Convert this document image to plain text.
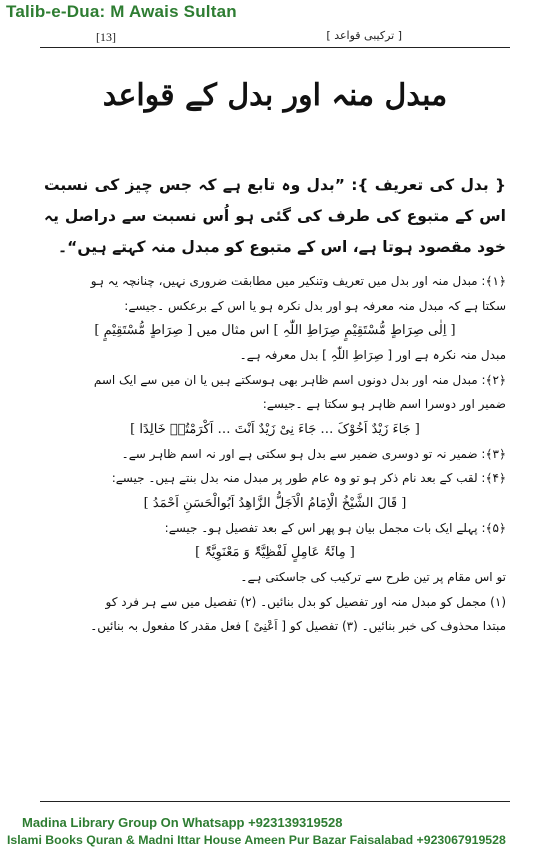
Talib-e-Dua: M Awais Sultan
[13]	[ ترکیبی قواعد ]
مبدل منہ اور بدل کے قواعد

{ بدل کی تعریف }: ”بدل وہ تابع ہے کہ جس چیز کی نسبت اس کے متبوع کی طرف کی گئی ہو اُس نسبت سے دراصل یہ خود مقصود ہوتا ہے، اس کے متبوع کو مبدل منہ کہتے ہیں“۔

﴿۱﴾: مبدل منہ اور بدل میں تعریف وتنکیر میں مطابقت ضروری نہیں، چنانچہ یہ ہو

سکتا ہے کہ مبدل منہ معرفہ ہو اور بدل نکرہ ہو یا اس کے برعکس ۔جیسے:

[ اِلٰی صِرَاطٍ مُّسْتَقِیْمٍ صِرَاطِ اللّٰہِ ] اس مثال میں [ صِرَاطٍ مُّسْتَقِیْمٍ ]

مبدل منہ نکرہ ہے اور [ صِرَاطِ اللّٰہِ ] بدل معرفہ ہے۔

﴿۲﴾: مبدل منہ اور بدل دونوں اسم ظاہر بھی ہوسکتے ہیں یا ان میں سے ایک اسم

ضمیر اور دوسرا اسم ظاہر ہو سکتا ہے ۔جیسے:

[ جَاءَ زَیْدٌ اَخُوْکَ … جَاءَ نِیْ زَیْدٌ اَنْتَ … اَکْرَمْتُہٗ خَالِدًا ]

﴿۳﴾: ضمیر نہ تو دوسری ضمیر سے بدل ہو سکتی ہے اور نہ اسم ظاہر سے۔

﴿۴﴾: لقب کے بعد نام ذکر ہو تو وہ عام طور پر مبدل منہ بدل بنتے ہیں۔ جیسے:

[ قَالَ الشَّیْخُ الْاِمَامُ الْاَجَلُّ الزَّاھِدُ اَبُوالْحَسَنِ اَحْمَدُ ]

﴿۵﴾: پہلے ایک بات مجمل بیان ہو پھر اس کے بعد تفصیل ہو۔ جیسے:

[ مِائَۃُ عَامِلٍ لَفْظِیَّۃٌ وَ مَعْنَوِیَّۃٌ ]

تو اس مقام پر تین طرح سے ترکیب کی جاسکتی ہے۔

(۱) مجمل کو مبدل منہ اور تفصیل کو بدل بنائیں۔ (۲) تفصیل میں سے ہر فرد کو

مبتدا محذوف کی خبر بنائیں۔ (۳) تفصیل کو [ اَعْنِیْ ] فعل مقدر کا مفعول بہ بنائیں۔

Madina Library Group On Whatsapp +923139319528
Islami Books Quran & Madni Ittar House Ameen Pur Bazar Faisalabad +923067919528
